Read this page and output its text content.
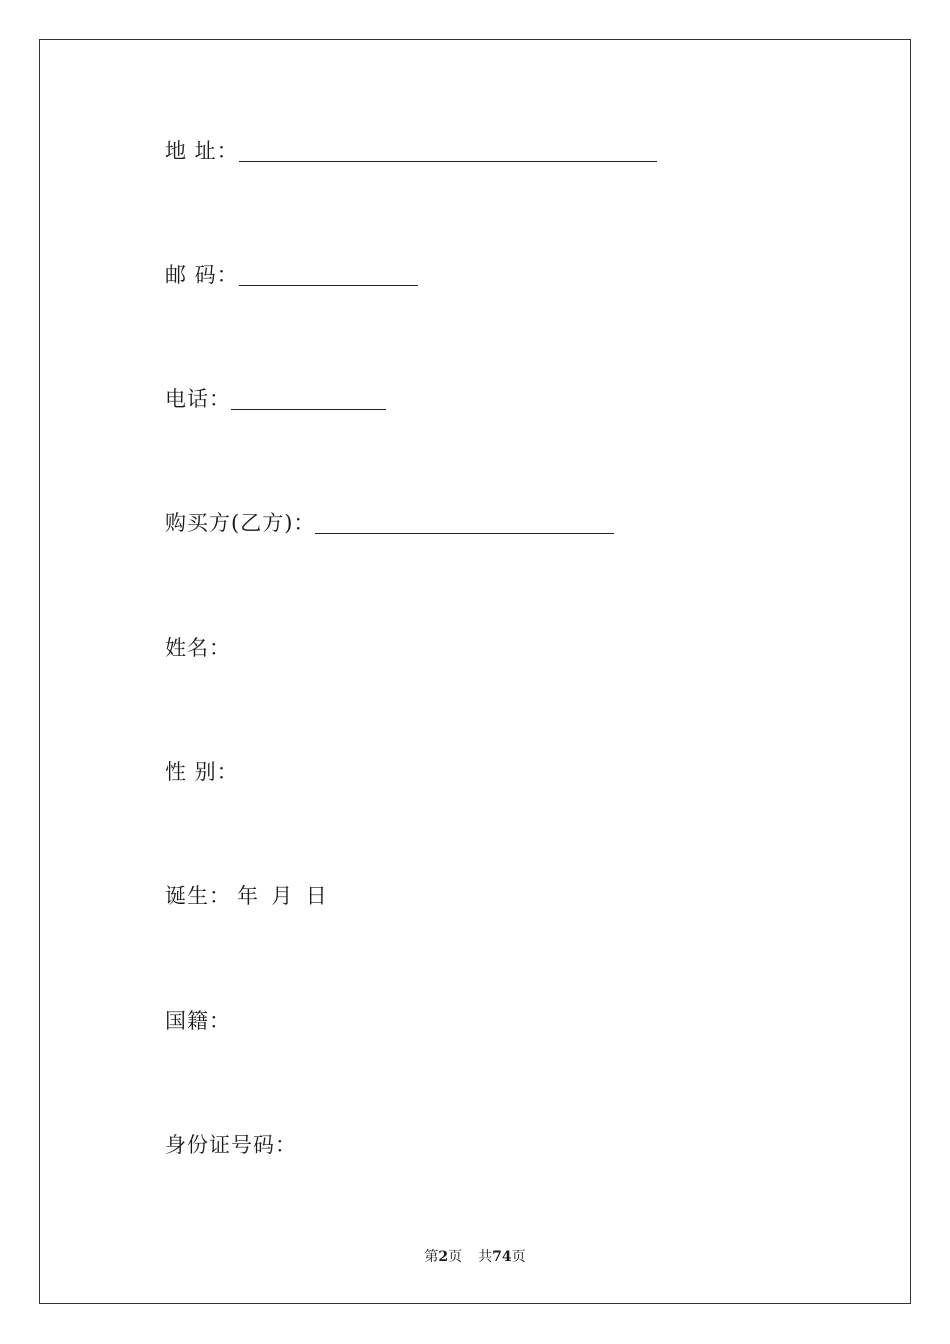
地 址：
邮 码：
电话：
购买方(乙方)：
姓名：
性 别：
诞生： 年  月  日
国籍：
身份证号码：
第2页 共74页
